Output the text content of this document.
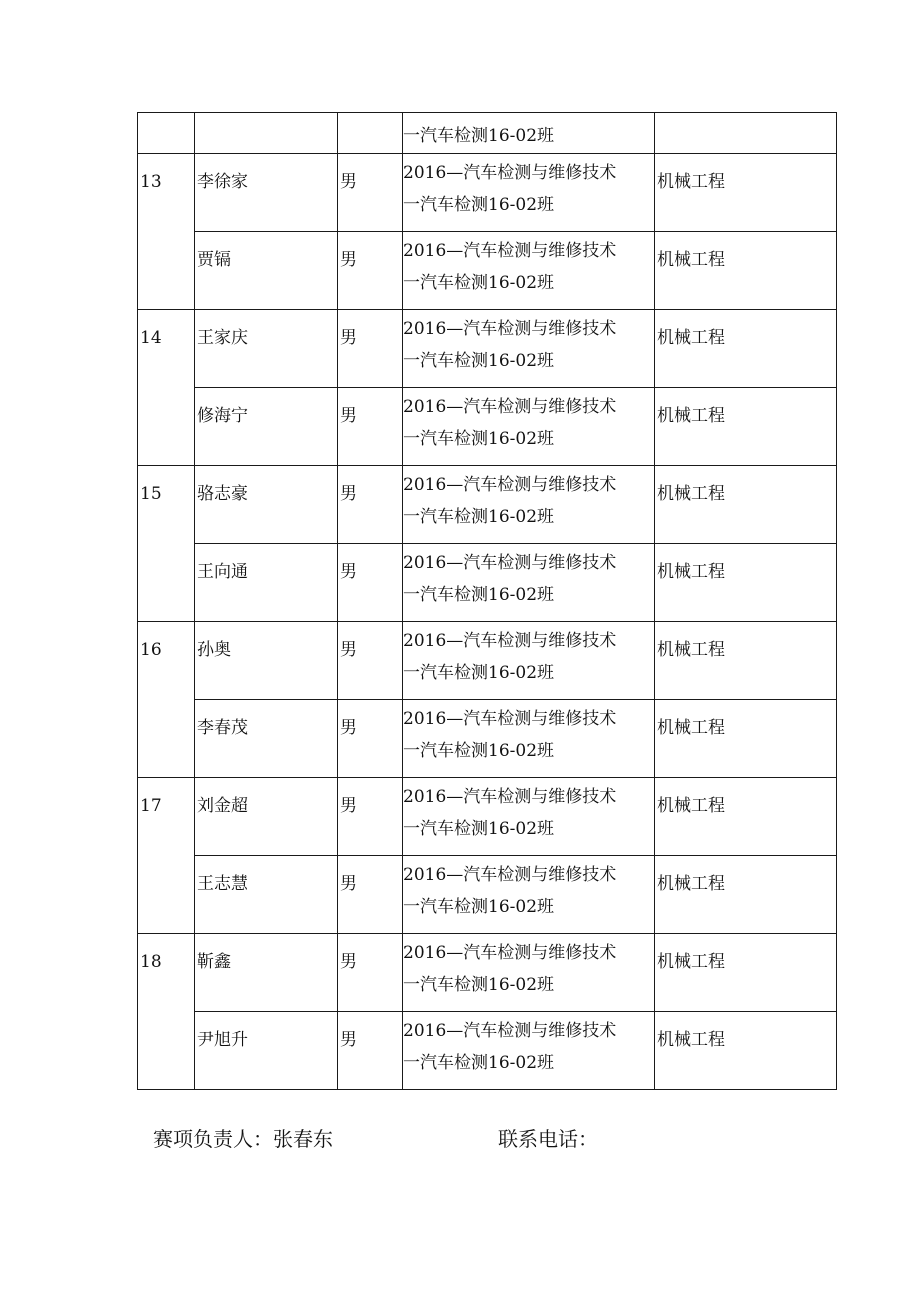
			一汽车检测16-02班	

13	李徐家	男	2016—汽车检测与维修技术
一汽车检测16-02班	机械工程

	贾镉	男	2016—汽车检测与维修技术
一汽车检测16-02班	机械工程

14	王家庆	男	2016—汽车检测与维修技术
一汽车检测16-02班	机械工程

	修海宁	男	2016—汽车检测与维修技术
一汽车检测16-02班	机械工程

15	骆志豪	男	2016—汽车检测与维修技术
一汽车检测16-02班	机械工程

	王向通	男	2016—汽车检测与维修技术
一汽车检测16-02班	机械工程

16	孙奥	男	2016—汽车检测与维修技术
一汽车检测16-02班	机械工程

	李春茂	男	2016—汽车检测与维修技术
一汽车检测16-02班	机械工程

17	刘金超	男	2016—汽车检测与维修技术
一汽车检测16-02班	机械工程

	王志慧	男	2016—汽车检测与维修技术
一汽车检测16-02班	机械工程

18	靳鑫	男	2016—汽车检测与维修技术
一汽车检测16-02班	机械工程

	尹旭升	男	2016—汽车检测与维修技术
一汽车检测16-02班	机械工程
赛项负责人：张春东	联系电话：
